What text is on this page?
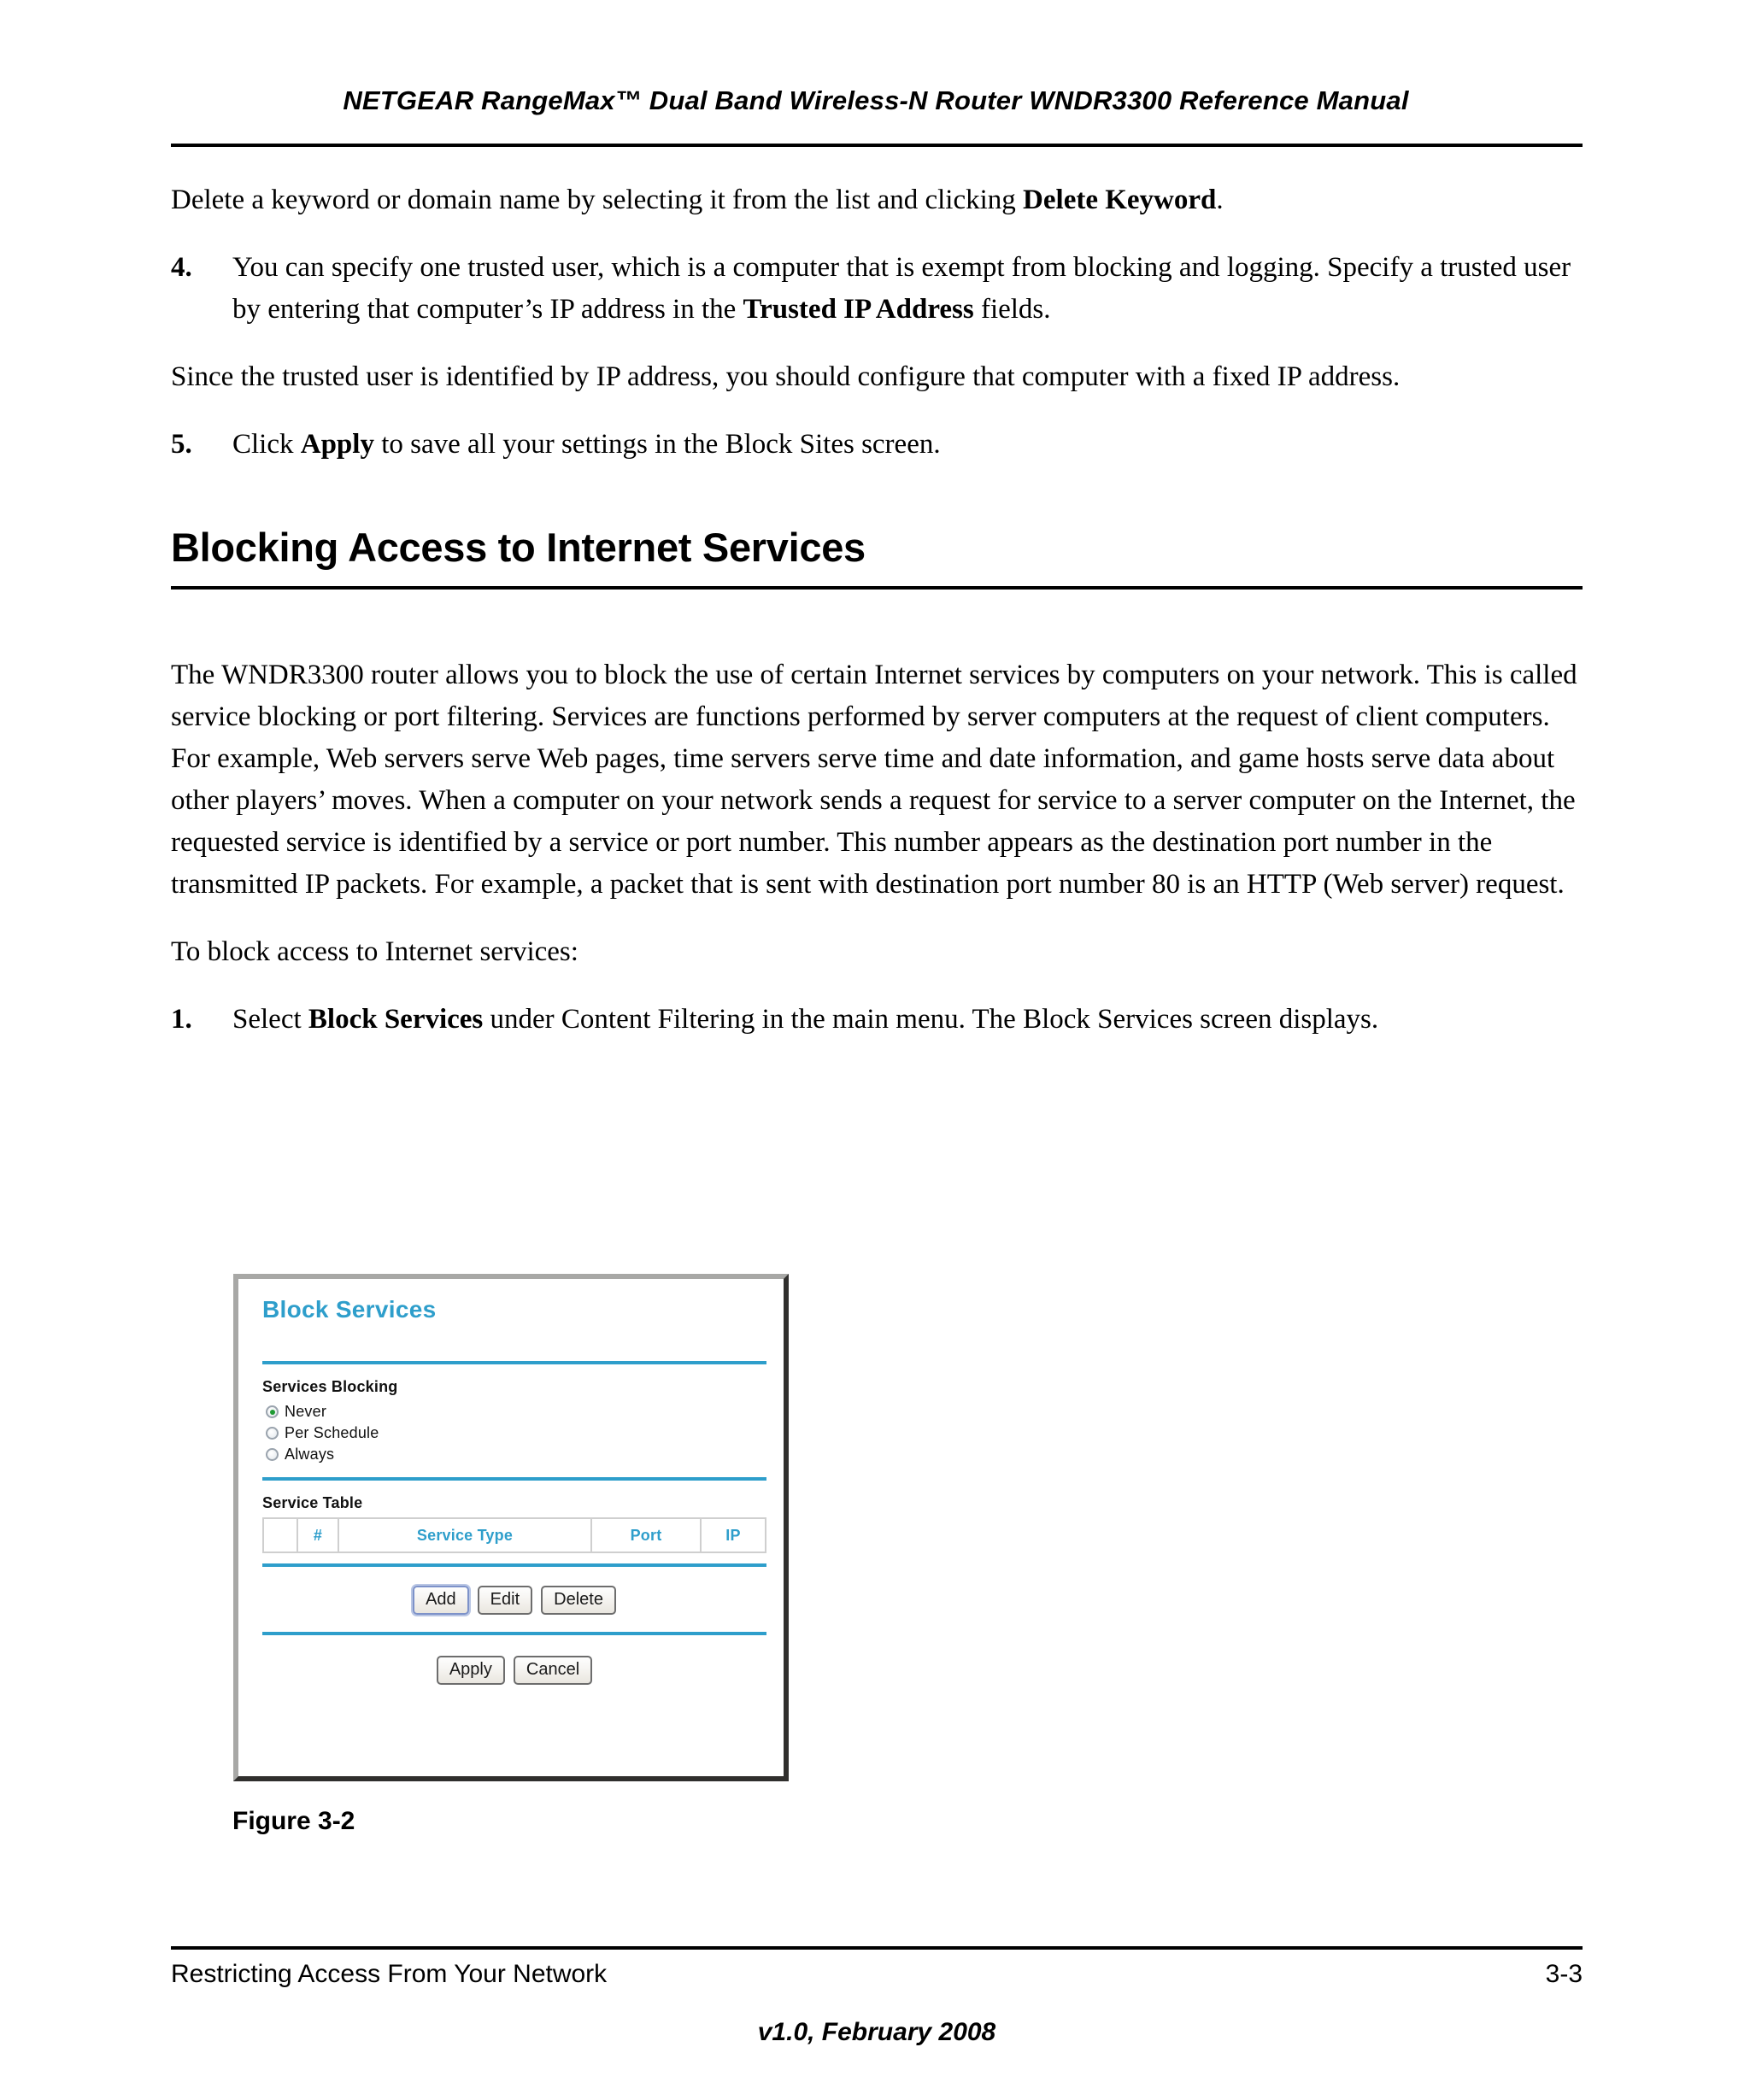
NETGEAR RangeMax™ Dual Band Wireless-N Router WNDR3300 Reference Manual

Delete a keyword or domain name by selecting it from the list and clicking Delete Keyword.

4. You can specify one trusted user, which is a computer that is exempt from blocking and logging. Specify a trusted user by entering that computer’s IP address in the Trusted IP Address fields.

Since the trusted user is identified by IP address, you should configure that computer with a fixed IP address.

5. Click Apply to save all your settings in the Block Sites screen.

Blocking Access to Internet Services

The WNDR3300 router allows you to block the use of certain Internet services by computers on your network. This is called service blocking or port filtering. Services are functions performed by server computers at the request of client computers. For example, Web servers serve Web pages, time servers serve time and date information, and game hosts serve data about other players’ moves. When a computer on your network sends a request for service to a server computer on the Internet, the requested service is identified by a service or port number. This number appears as the destination port number in the transmitted IP packets. For example, a packet that is sent with destination port number 80 is an HTTP (Web server) request.

To block access to Internet services:

1. Select Block Services under Content Filtering in the main menu. The Block Services screen displays.

Block Services
Services Blocking
Never
Per Schedule
Always
Service Table
	#	Service Type	Port	IP
Add	Edit	Delete
Apply	Cancel
Figure 3-2
Restricting Access From Your Network	3-3
v1.0, February 2008
